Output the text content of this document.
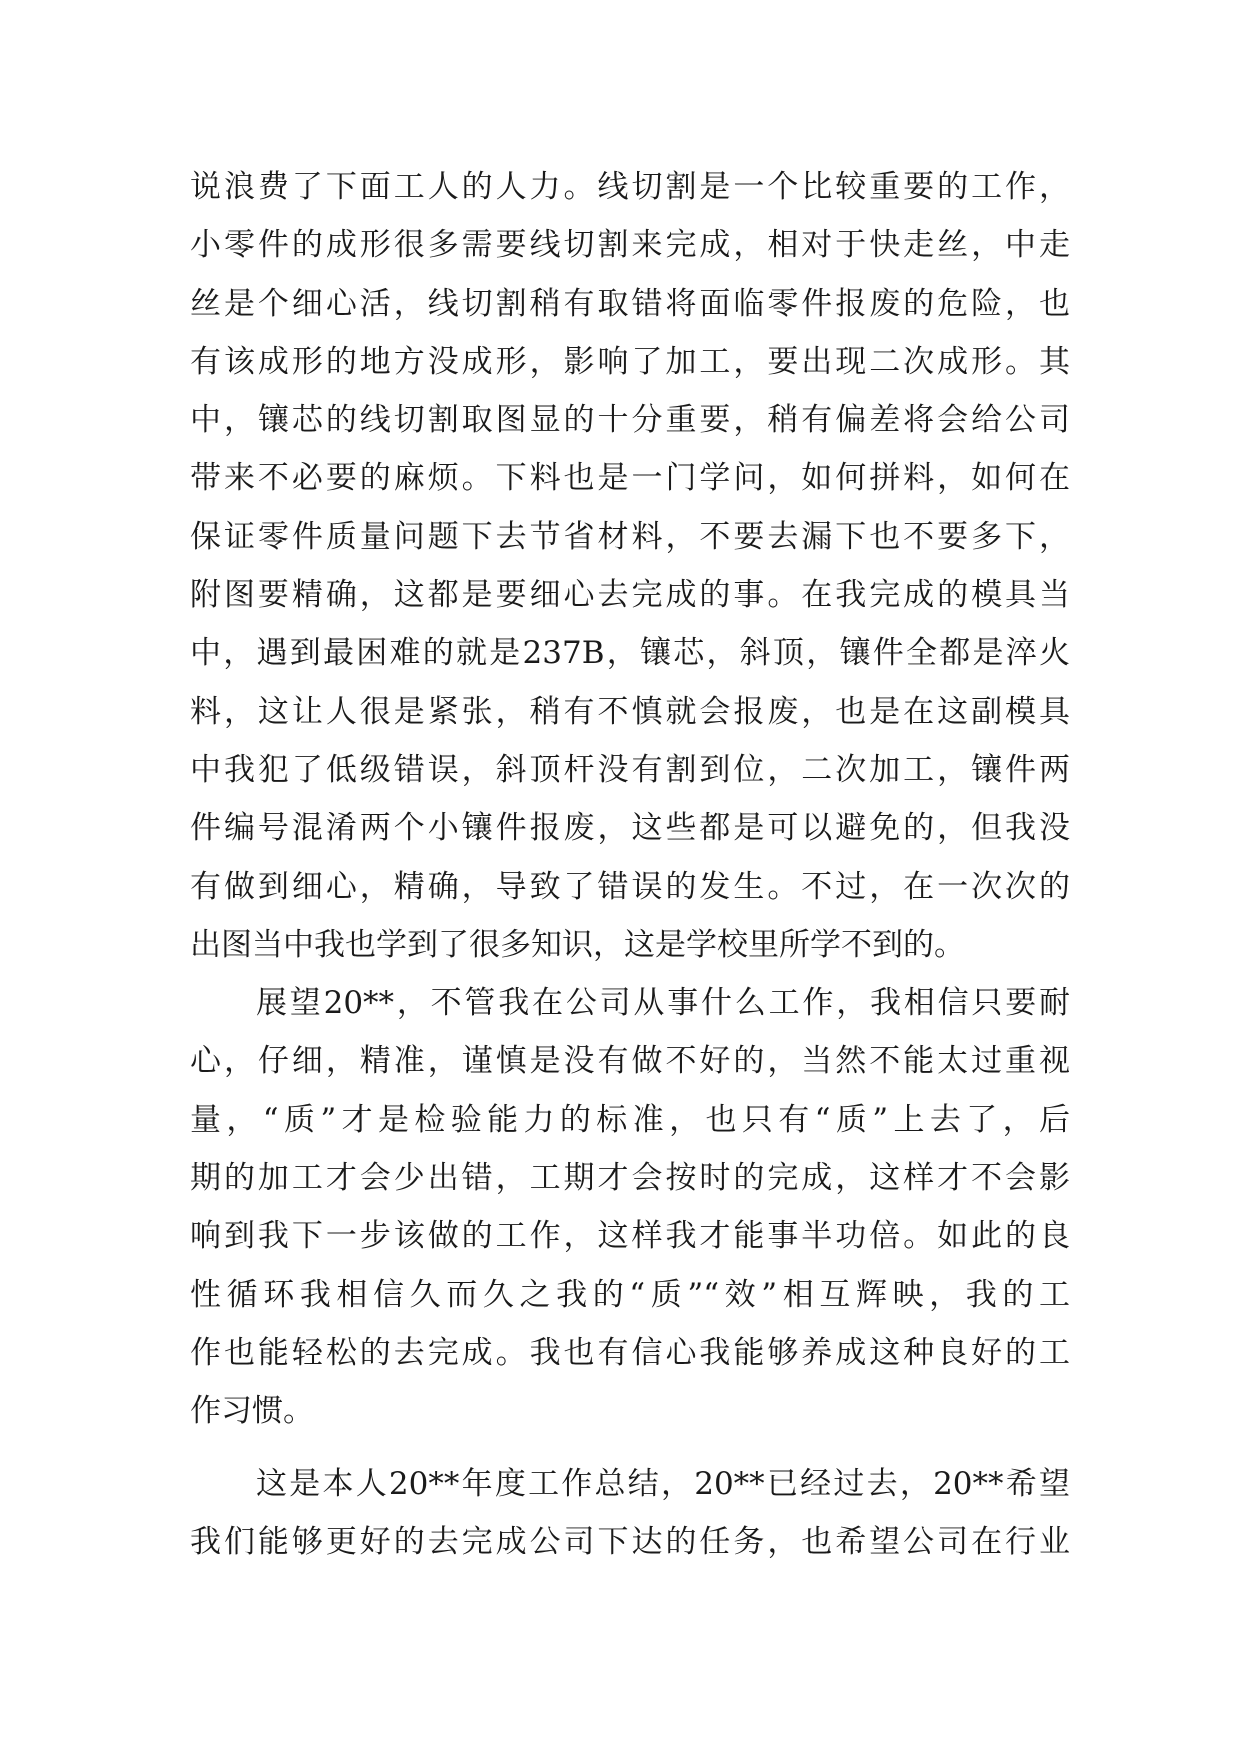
说浪费了下面工人的人力。线切割是一个比较重要的工作，
小零件的成形很多需要线切割来完成，相对于快走丝，中走
丝是个细心活，线切割稍有取错将面临零件报废的危险，也
有该成形的地方没成形，影响了加工，要出现二次成形。其
中，镶芯的线切割取图显的十分重要，稍有偏差将会给公司
带来不必要的麻烦。下料也是一门学问，如何拼料，如何在
保证零件质量问题下去节省材料，不要去漏下也不要多下，
附图要精确，这都是要细心去完成的事。在我完成的模具当
中，遇到最困难的就是237B，镶芯，斜顶，镶件全都是淬火
料，这让人很是紧张，稍有不慎就会报废，也是在这副模具
中我犯了低级错误，斜顶杆没有割到位，二次加工，镶件两
件编号混淆两个小镶件报废，这些都是可以避免的，但我没
有做到细心，精确，导致了错误的发生。不过，在一次次的
出图当中我也学到了很多知识，这是学校里所学不到的。
展望20**，不管我在公司从事什么工作，我相信只要耐
心，仔细，精准，谨慎是没有做不好的，当然不能太过重视
量，“质”才是检验能力的标准，也只有“质”上去了，后
期的加工才会少出错，工期才会按时的完成，这样才不会影
响到我下一步该做的工作，这样我才能事半功倍。如此的良
性循环我相信久而久之我的“质”“效”相互辉映，我的工
作也能轻松的去完成。我也有信心我能够养成这种良好的工
作习惯。
这是本人20**年度工作总结，20**已经过去，20**希望
我们能够更好的去完成公司下达的任务，也希望公司在行业
